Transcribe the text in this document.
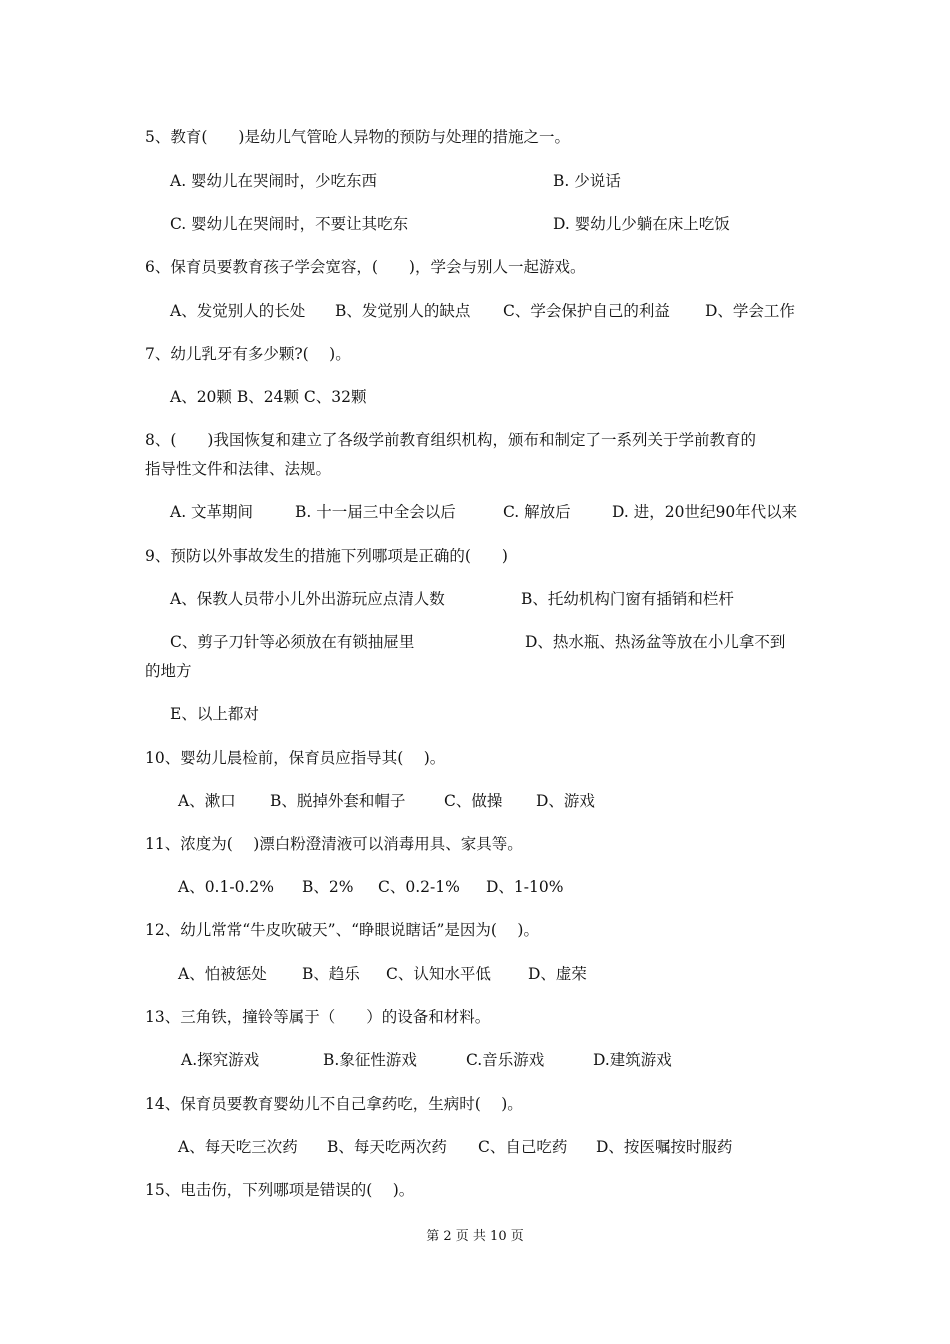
5、教育(　　)是幼儿气管呛人异物的预防与处理的措施之一。
A. 婴幼儿在哭闹时，少吃东西	B. 少说话
C. 婴幼儿在哭闹时，不要让其吃东	D. 婴幼儿少躺在床上吃饭
6、保育员要教育孩子学会宽容，(　　)，学会与别人一起游戏。
A、发觉别人的长处 B、发觉别人的缺点 C、学会保护自己的利益 D、学会工作
7、幼儿乳牙有多少颗?(　 )。
A、20颗 B、24颗 C、32颗
8、(　　)我国恢复和建立了各级学前教育组织机构，颁布和制定了一系列关于学前教育的
指导性文件和法律、法规。
A. 文革期间	B. 十一届三中全会以后	C. 解放后	D. 进，20世纪90年代以来
9、预防以外事故发生的措施下列哪项是正确的(　　)
A、保教人员带小儿外出游玩应点清人数	B、托幼机构门窗有插销和栏杆
C、剪子刀针等必须放在有锁抽屉里	D、热水瓶、热汤盆等放在小儿拿不到
的地方
E、以上都对
10、婴幼儿晨检前，保育员应指导其(　 )。
A、漱口 B、脱掉外套和帽子 C、做操 D、游戏
11、浓度为(　 )漂白粉澄清液可以消毒用具、家具等。
A、0.1-0.2% B、2% C、0.2-1% D、1-10%
12、幼儿常常“牛皮吹破天”、“睁眼说瞎话”是因为(　 )。
A、怕被惩处 B、趋乐 C、认知水平低 D、虚荣
13、三角铁，撞铃等属于（　　）的设备和材料。
A.探究游戏	B.象征性游戏	C.音乐游戏	D.建筑游戏
14、保育员要教育婴幼儿不自己拿药吃，生病时(　 )。
A、每天吃三次药 B、每天吃两次药 C、自己吃药 D、按医嘱按时服药
15、电击伤，下列哪项是错误的(　 )。
第 2 页 共 10 页
